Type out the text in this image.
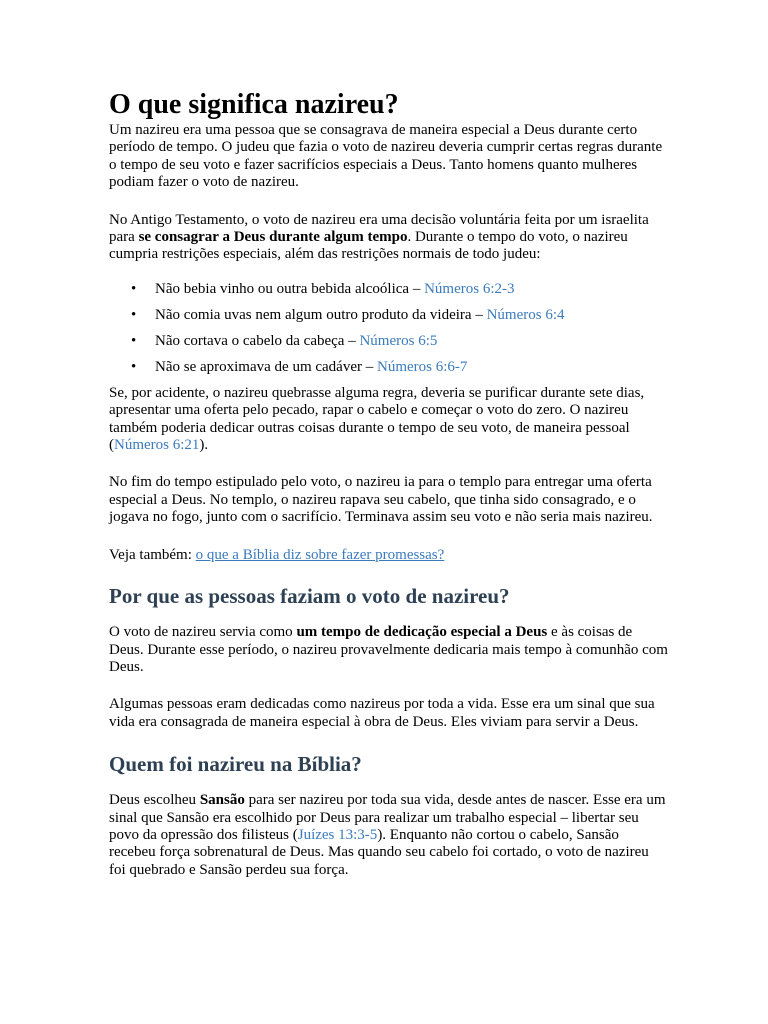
O que significa nazireu?

Um nazireu era uma pessoa que se consagrava de maneira especial a Deus durante certo período de tempo. O judeu que fazia o voto de nazireu deveria cumprir certas regras durante o tempo de seu voto e fazer sacrifícios especiais a Deus. Tanto homens quanto mulheres podiam fazer o voto de nazireu.

No Antigo Testamento, o voto de nazireu era uma decisão voluntária feita por um israelita para se consagrar a Deus durante algum tempo. Durante o tempo do voto, o nazireu cumpria restrições especiais, além das restrições normais de todo judeu:

• Não bebia vinho ou outra bebida alcoólica – Números 6:2-3
• Não comia uvas nem algum outro produto da videira – Números 6:4
• Não cortava o cabelo da cabeça – Números 6:5
• Não se aproximava de um cadáver – Números 6:6-7

Se, por acidente, o nazireu quebrasse alguma regra, deveria se purificar durante sete dias, apresentar uma oferta pelo pecado, rapar o cabelo e começar o voto do zero. O nazireu também poderia dedicar outras coisas durante o tempo de seu voto, de maneira pessoal (Números 6:21).

No fim do tempo estipulado pelo voto, o nazireu ia para o templo para entregar uma oferta especial a Deus. No templo, o nazireu rapava seu cabelo, que tinha sido consagrado, e o jogava no fogo, junto com o sacrifício. Terminava assim seu voto e não seria mais nazireu.

Veja também: o que a Bíblia diz sobre fazer promessas?

Por que as pessoas faziam o voto de nazireu?

O voto de nazireu servia como um tempo de dedicação especial a Deus e às coisas de Deus. Durante esse período, o nazireu provavelmente dedicaria mais tempo à comunhão com Deus.

Algumas pessoas eram dedicadas como nazireus por toda a vida. Esse era um sinal que sua vida era consagrada de maneira especial à obra de Deus. Eles viviam para servir a Deus.

Quem foi nazireu na Bíblia?

Deus escolheu Sansão para ser nazireu por toda sua vida, desde antes de nascer. Esse era um sinal que Sansão era escolhido por Deus para realizar um trabalho especial – libertar seu povo da opressão dos filisteus (Juízes 13:3-5). Enquanto não cortou o cabelo, Sansão recebeu força sobrenatural de Deus. Mas quando seu cabelo foi cortado, o voto de nazireu foi quebrado e Sansão perdeu sua força.
